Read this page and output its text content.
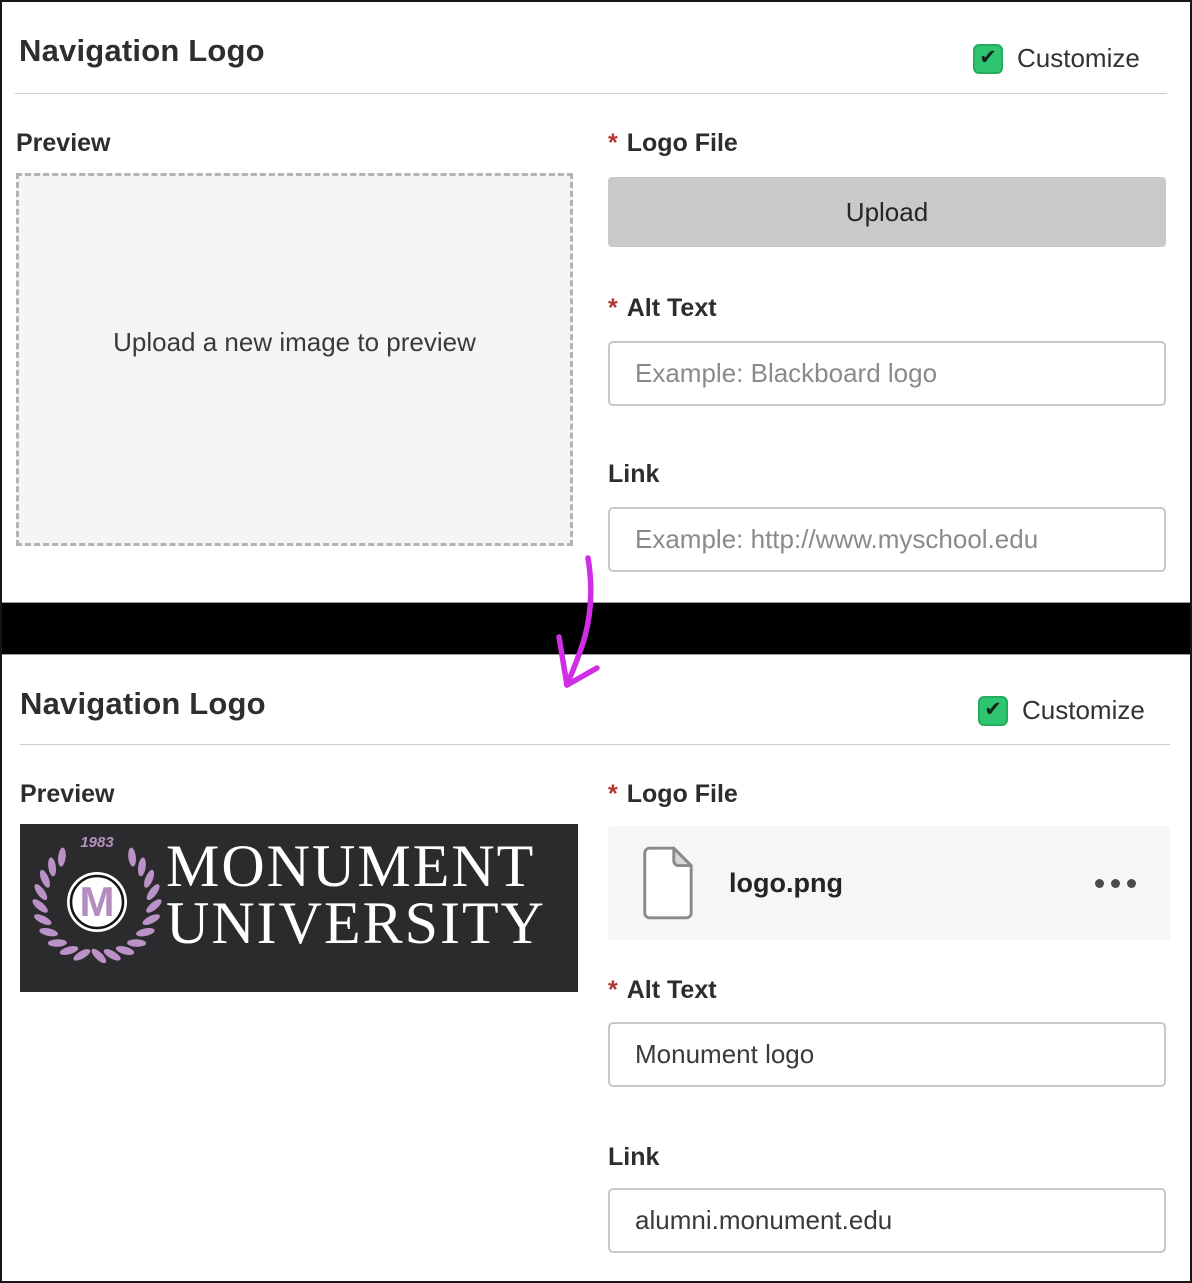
Navigation Logo	✔ Customize
Preview
Upload a new image to preview
* Logo File
Upload
* Alt Text
Example: Blackboard logo
Link
Example: http://www.myschool.edu
Navigation Logo	✔ Customize
Preview
M
1983 MONUMENT
UNIVERSITY
* Logo File
logo.png
* Alt Text
Monument logo
Link
alumni.monument.edu
